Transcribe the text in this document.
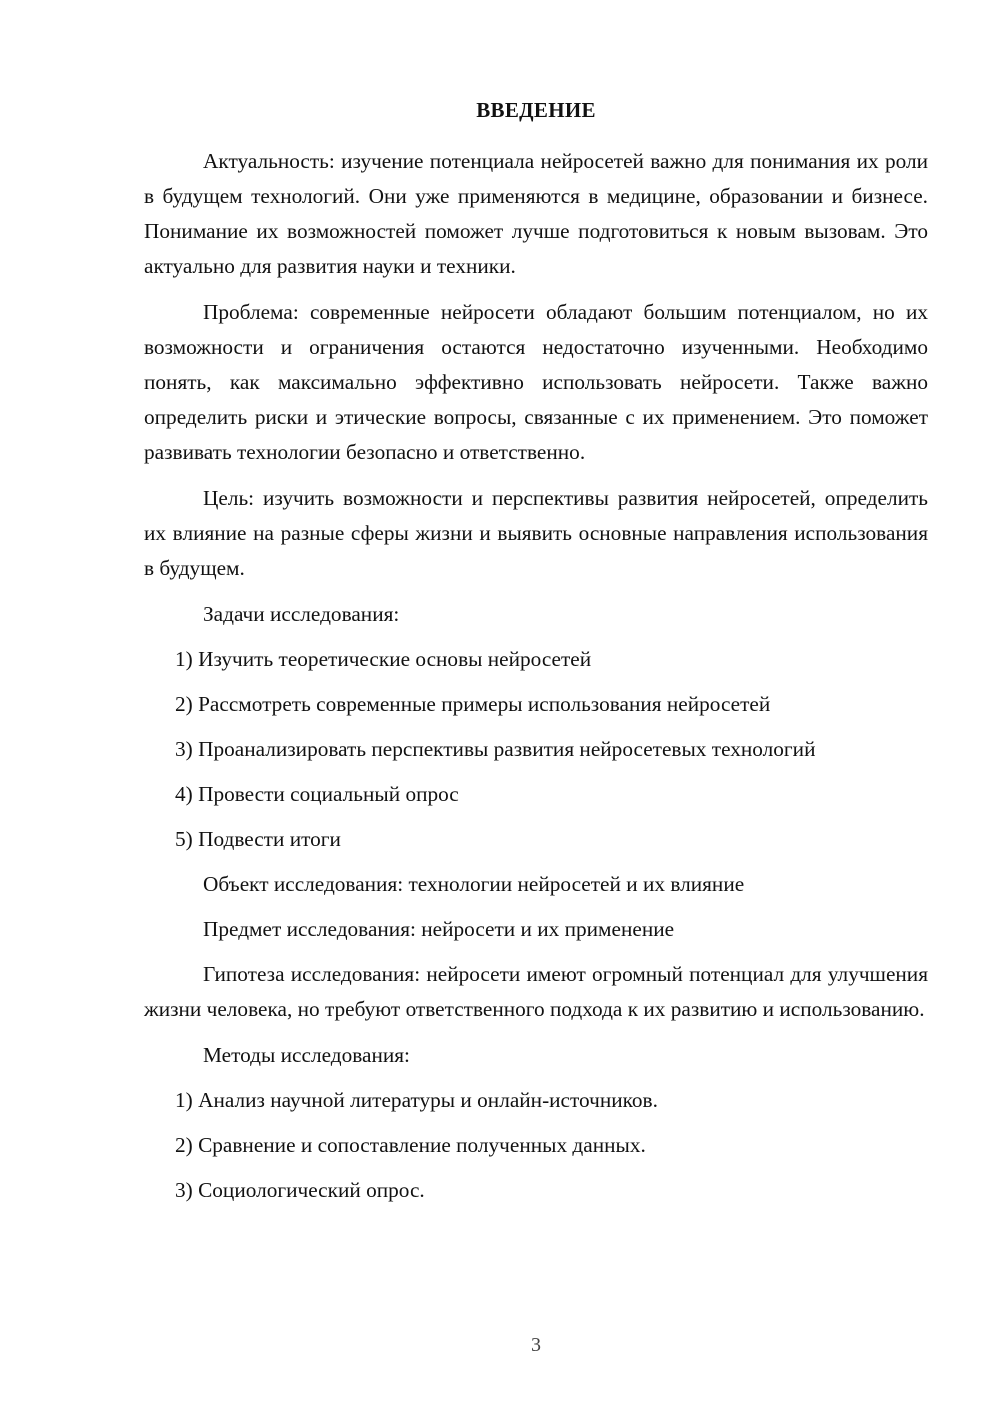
ВВЕДЕНИЕ

Актуальность: изучение потенциала нейросетей важно для понимания их роли в будущем технологий. Они уже применяются в медицине, образовании и бизнесе. Понимание их возможностей поможет лучше подготовиться к новым вызовам. Это актуально для развития науки и техники.

Проблема: современные нейросети обладают большим потенциалом, но их возможности и ограничения остаются недостаточно изученными. Необходимо понять, как максимально эффективно использовать нейросети. Также важно определить риски и этические вопросы, связанные с их применением. Это поможет развивать технологии безопасно и ответственно.

Цель: изучить возможности и перспективы развития нейросетей, определить их влияние на разные сферы жизни и выявить основные направления использования в будущем.

Задачи исследования:

1) Изучить теоретические основы нейросетей

2) Рассмотреть современные примеры использования нейросетей

3) Проанализировать перспективы развития нейросетевых технологий

4) Провести социальный опрос

5) Подвести итоги

Объект исследования: технологии нейросетей и их влияние

Предмет исследования: нейросети и их применение

Гипотеза исследования: нейросети имеют огромный потенциал для улучшения жизни человека, но требуют ответственного подхода к их развитию и использованию.

Методы исследования:

1) Анализ научной литературы и онлайн-источников.

2) Сравнение и сопоставление полученных данных.

3) Социологический опрос.

3
